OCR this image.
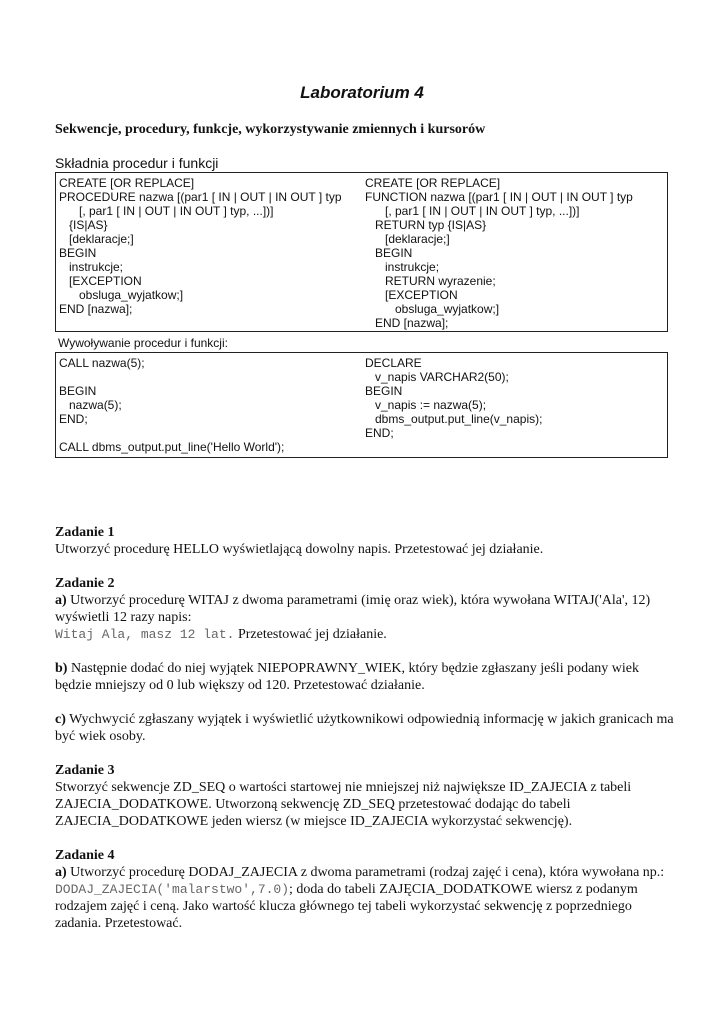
Laboratorium 4
Sekwencje, procedury, funkcje, wykorzystywanie zmiennych i kursorów
Składnia procedur i funkcji
CREATE [OR REPLACE]
PROCEDURE nazwa [(par1 [ IN | OUT | IN OUT ] typ
[, par1 [ IN | OUT | IN OUT ] typ, ...])]
{IS|AS}
[deklaracje;]
BEGIN
instrukcje;
[EXCEPTION
obsluga_wyjatkow;]
END [nazwa];
CREATE [OR REPLACE]
FUNCTION nazwa [(par1 [ IN | OUT | IN OUT ] typ
[, par1 [ IN | OUT | IN OUT ] typ, ...])]
RETURN typ {IS|AS}
[deklaracje;]
BEGIN
instrukcje;
RETURN wyrazenie;
[EXCEPTION
obsluga_wyjatkow;]
END [nazwa];
Wywoływanie procedur i funkcji:
CALL nazwa(5);

BEGIN
nazwa(5);
END;

CALL dbms_output.put_line('Hello World');
DECLARE
v_napis VARCHAR2(50);
BEGIN
v_napis := nazwa(5);
dbms_output.put_line(v_napis);
END;

Zadanie 1

Utworzyć procedurę HELLO wyświetlającą dowolny napis. Przetestować jej działanie.

Zadanie 2

a) Utworzyć procedurę WITAJ z dwoma parametrami (imię oraz wiek), która wywołana WITAJ('Ala', 12) wyświetli 12 razy napis:
Witaj Ala, masz 12 lat. Przetestować jej działanie.

b) Następnie dodać do niej wyjątek NIEPOPRAWNY_WIEK, który będzie zgłaszany jeśli podany wiek będzie mniejszy od 0 lub większy od 120. Przetestować działanie.

c) Wychwycić zgłaszany wyjątek i wyświetlić użytkownikowi odpowiednią informację w jakich granicach ma być wiek osoby.

Zadanie 3

Stworzyć sekwencje ZD_SEQ o wartości startowej nie mniejszej niż największe ID_ZAJECIA z tabeli ZAJECIA_DODATKOWE. Utworzoną sekwencję ZD_SEQ przetestować dodając do tabeli ZAJECIA_DODATKOWE jeden wiersz (w miejsce ID_ZAJECIA wykorzystać sekwencję).

Zadanie 4

a) Utworzyć procedurę DODAJ_ZAJECIA z dwoma parametrami (rodzaj zajęć i cena), która wywołana np.: DODAJ_ZAJECIA('malarstwo',7.0); doda do tabeli ZAJĘCIA_DODATKOWE wiersz z podanym rodzajem zajęć i ceną. Jako wartość klucza głównego tej tabeli wykorzystać sekwencję z poprzedniego zadania. Przetestować.
